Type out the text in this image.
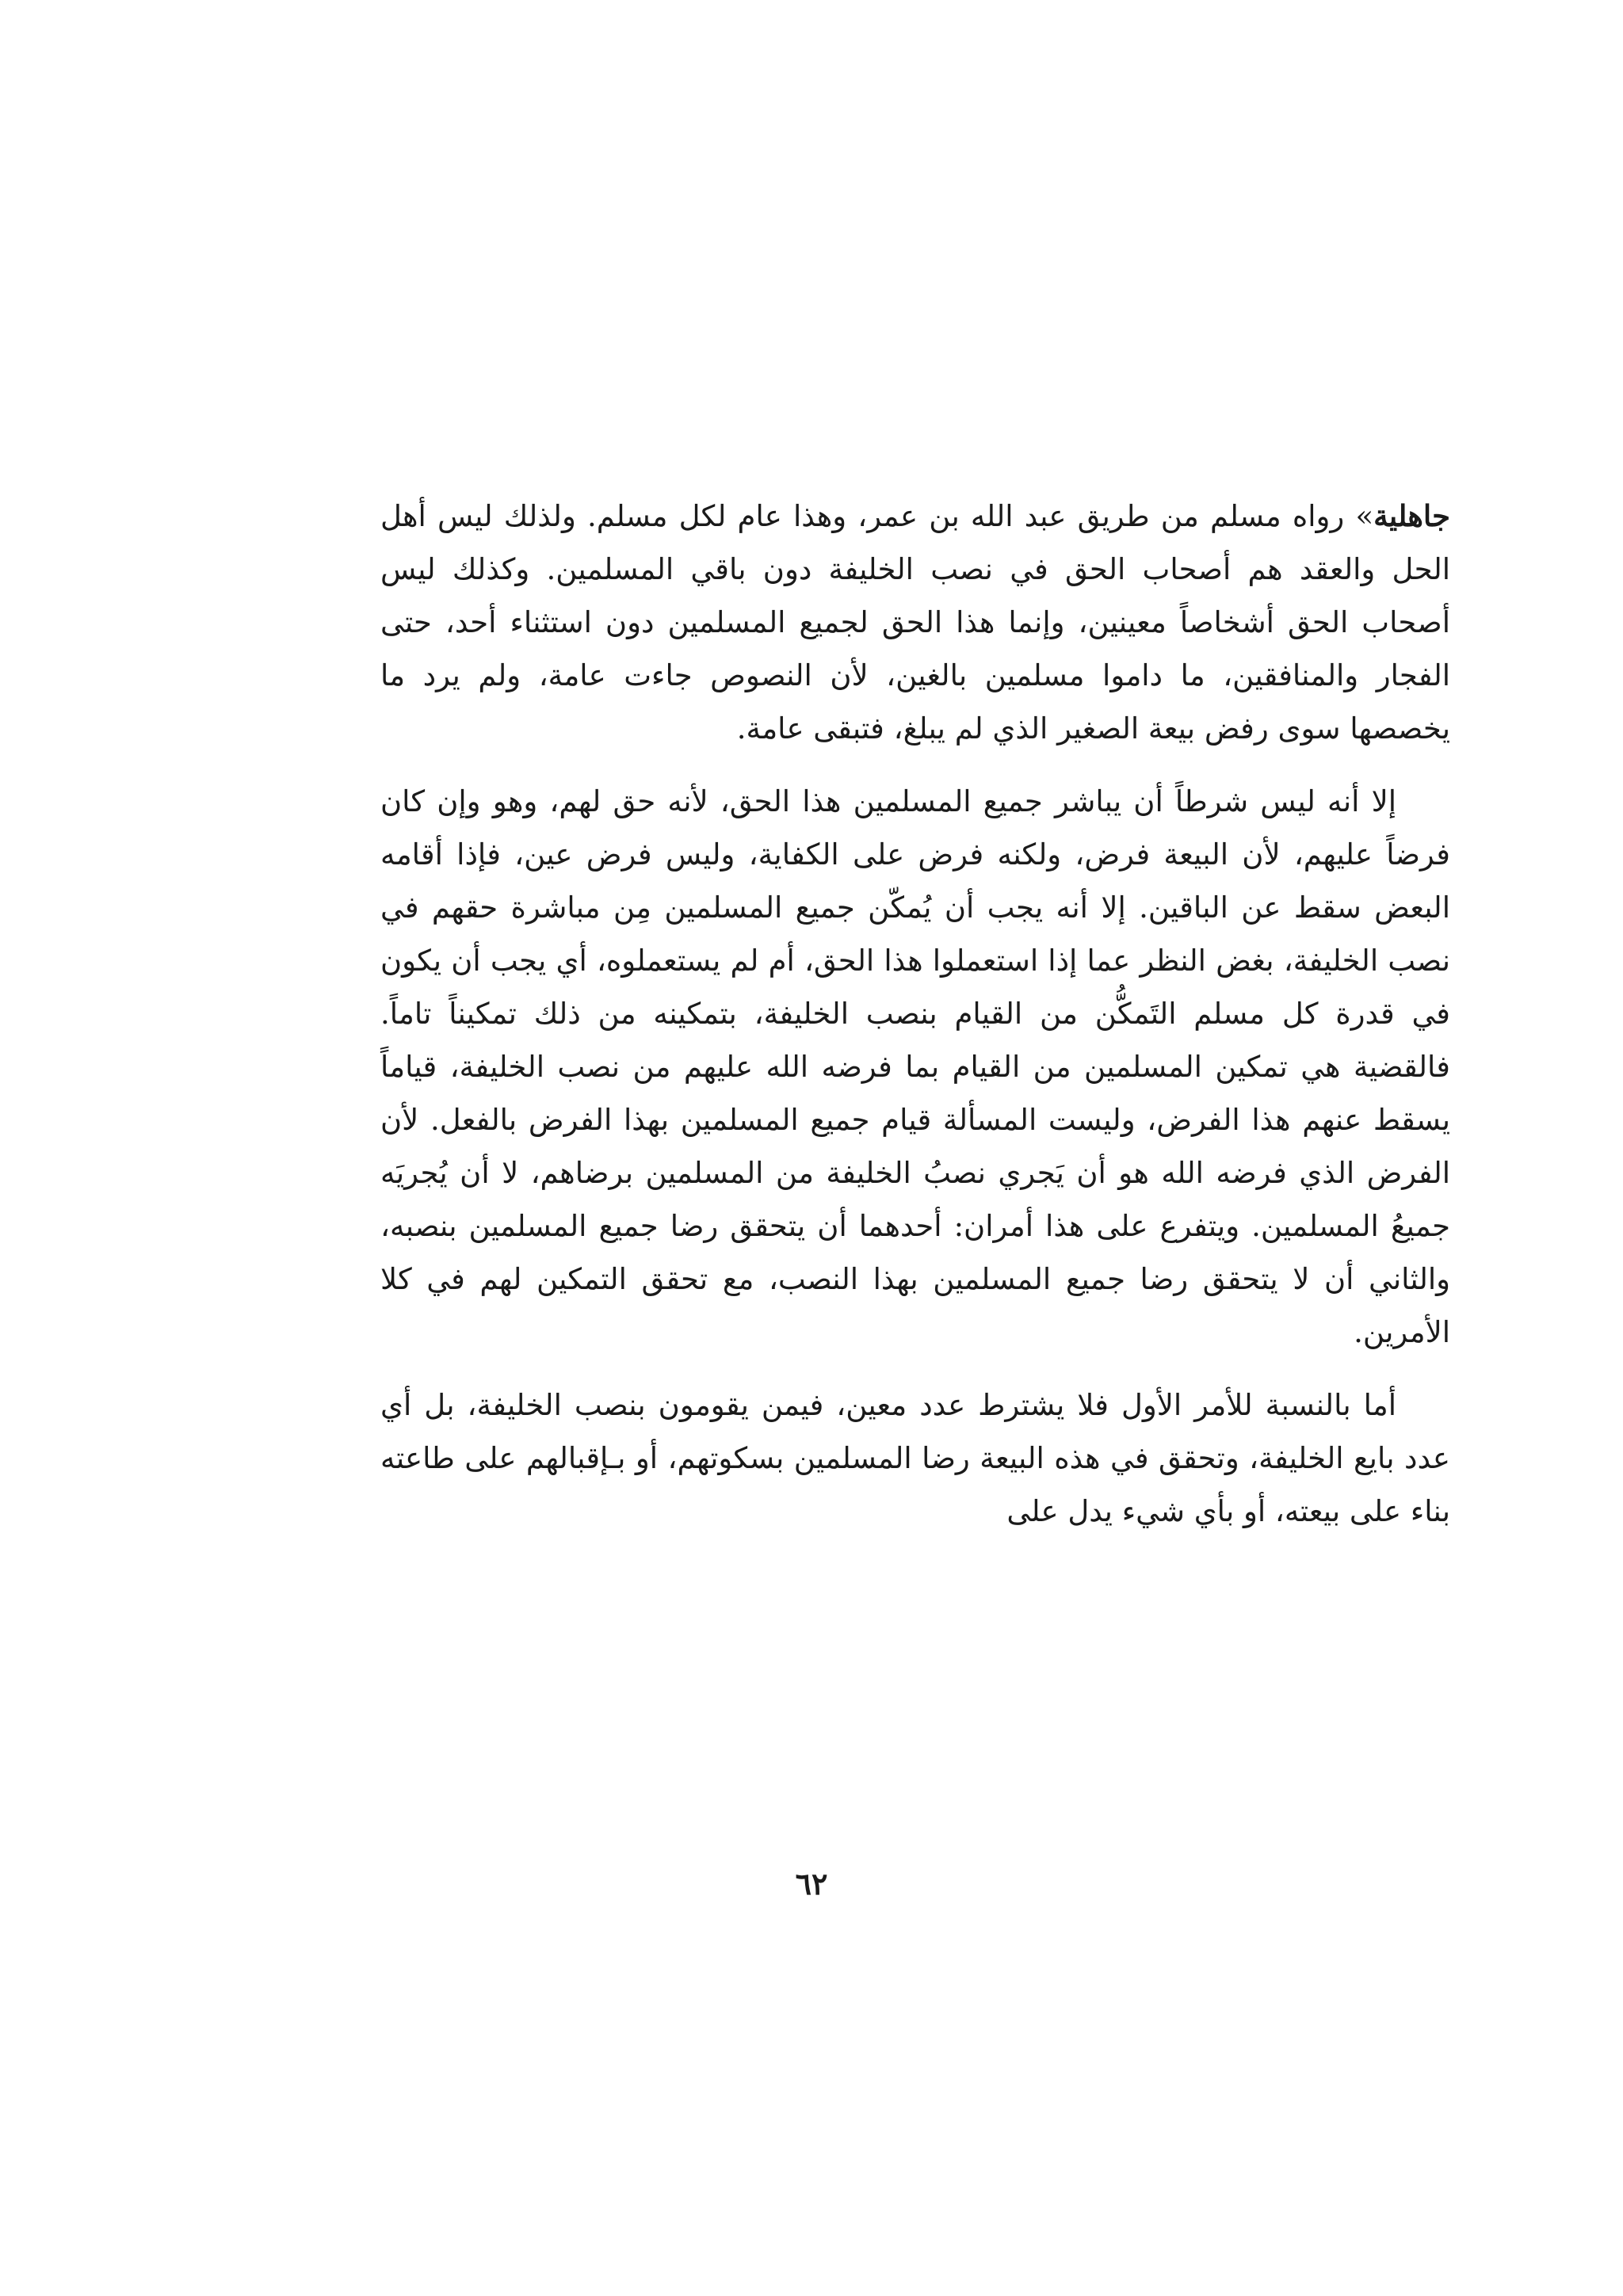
جاهلية» رواه مسلم من طريق عبد الله بن عمر، وهذا عام لكل مسلم. ولذلك ليس أهل الحل والعقد هم أصحاب الحق في نصب الخليفة دون باقي المسلمين. وكذلك ليس أصحاب الحق أشخاصاً معينين، وإنما هذا الحق لجميع المسلمين دون استثناء أحد، حتى الفجار والمنافقين، ما داموا مسلمين بالغين، لأن النصوص جاءت عامة، ولم يرد ما يخصصها سوى رفض بيعة الصغير الذي لم يبلغ، فتبقى عامة.

إلا أنه ليس شرطاً أن يباشر جميع المسلمين هذا الحق، لأنه حق لهم، وهو وإن كان فرضاً عليهم، لأن البيعة فرض، ولكنه فرض على الكفاية، وليس فرض عين، فإذا أقامه البعض سقط عن الباقين. إلا أنه يجب أن يُمكّن جميع المسلمين مِن مباشرة حقهم في نصب الخليفة، بغض النظر عما إذا استعملوا هذا الحق، أم لم يستعملوه، أي يجب أن يكون في قدرة كل مسلم التَمكُّن من القيام بنصب الخليفة، بتمكينه من ذلك تمكيناً تاماً. فالقضية هي تمكين المسلمين من القيام بما فرضه الله عليهم من نصب الخليفة، قياماً يسقط عنهم هذا الفرض، وليست المسألة قيام جميع المسلمين بهذا الفرض بالفعل. لأن الفرض الذي فرضه الله هو أن يَجري نصبُ الخليفة من المسلمين برضاهم، لا أن يُجريَه جميعُ المسلمين. ويتفرع على هذا أمران: أحدهما أن يتحقق رضا جميع المسلمين بنصبه، والثاني أن لا يتحقق رضا جميع المسلمين بهذا النصب، مع تحقق التمكين لهم في كلا الأمرين.

أما بالنسبة للأمر الأول فلا يشترط عدد معين، فيمن يقومون بنصب الخليفة، بل أي عدد بايع الخليفة، وتحقق في هذه البيعة رضا المسلمين بسكوتهم، أو بـإقبالهم على طاعته بناء على بيعته، أو بأي شيء يدل على

٦٢
